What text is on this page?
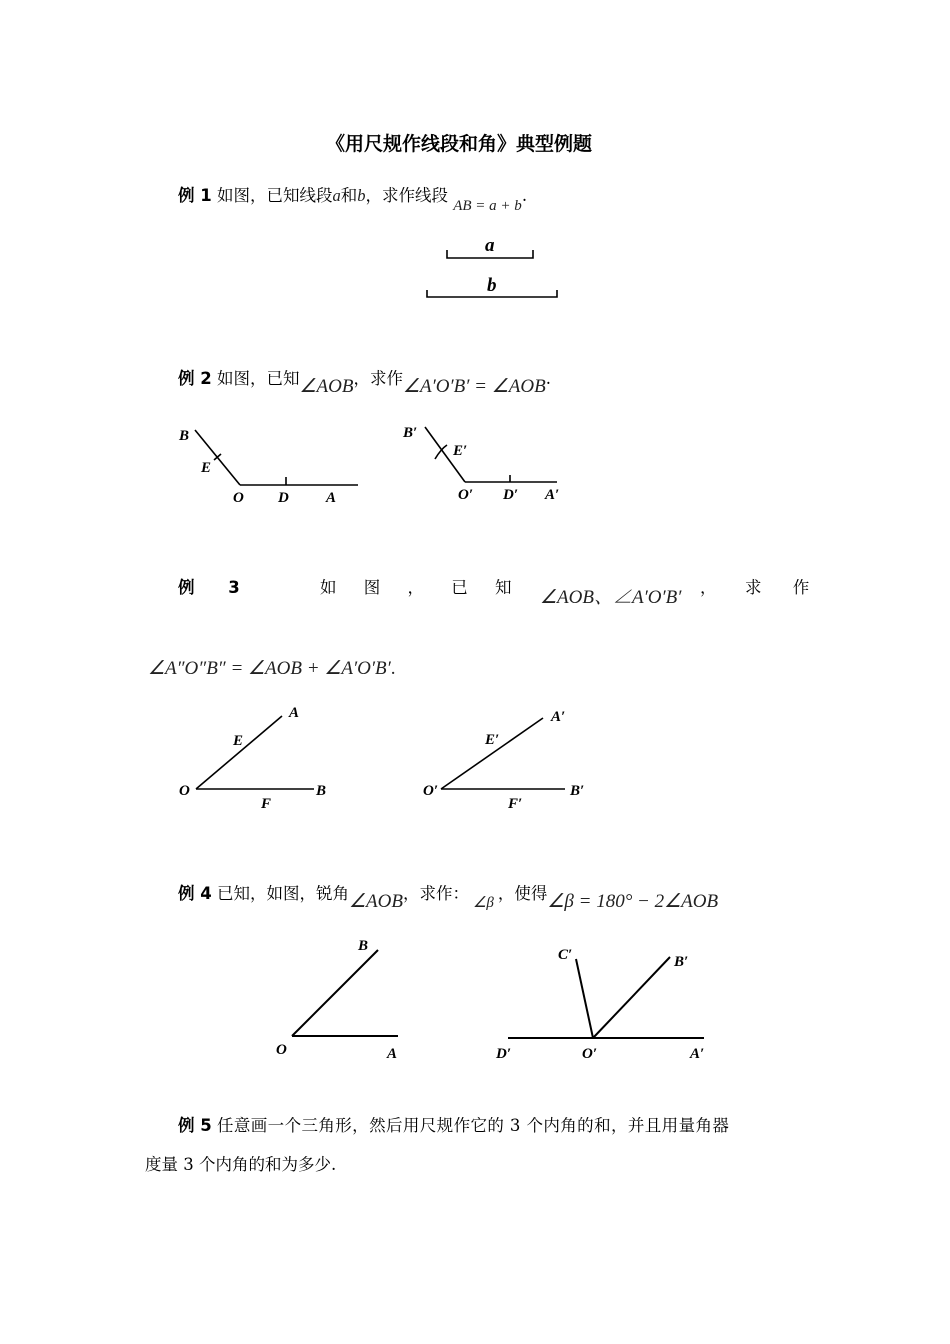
《用尺规作线段和角》典型例题
例 1 如图，已知线段a和b，求作线段 AB = a + b.
a
b
例 2 如图，已知∠AOB，求作∠A′O′B′ = ∠AOB.
B
E
O D A
B′
E′
O′ D′ A′
例 3	如 图 ， 已 知 ∠AOB、∠A′O′B′ ， 求 作
∠A″O″B″ = ∠AOB + ∠A′O′B′.
A
E
O
F
B
A′
E′
O′
F′
B′
例 4 已知，如图，锐角∠AOB，求作： ∠β ，使得∠β = 180° − 2∠AOB
B
O	A
C′	B′
D′	O′	A′
例 5 任意画一个三角形，然后用尺规作它的 3 个内角的和，并且用量角器
度量 3 个内角的和为多少.
